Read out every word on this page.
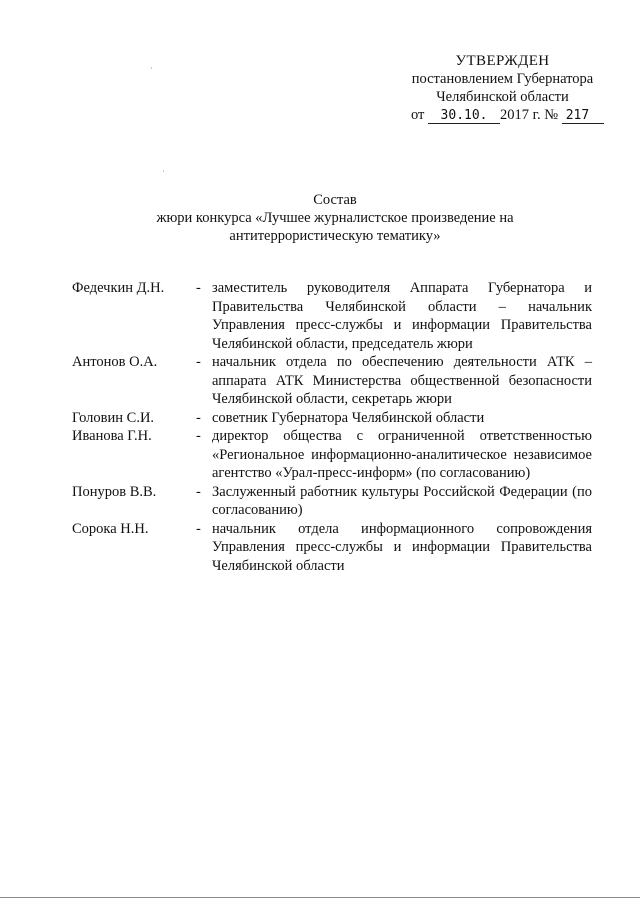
УТВЕРЖДЕН
постановлением Губернатора
Челябинской области
от 30.10. 2017 г. № 217
·
·
Состав
жюри конкурса «Лучшее журналистское произведение на
антитеррористическую тематику»
Федечкин Д.Н.	- заместитель руководителя Аппарата Губернатора и Правительства Челябинской области – начальник Управления пресс-службы и информации Правительства Челябинской области, председатель жюри
Антонов О.А.	- начальник отдела по обеспечению деятельности АТК – аппарата АТК Министерства общественной безопасности Челябинской области, секретарь жюри
Головин С.И.	- советник Губернатора Челябинской области
Иванова Г.Н.	- директор общества с ограниченной ответственностью «Региональное информационно-аналитическое независимое агентство «Урал-пресс-информ» (по согласованию)
Понуров В.В.	- Заслуженный работник культуры Российской Федерации (по согласованию)
Сорока Н.Н.	- начальник отдела информационного сопровождения Управления пресс-службы и информации Правительства Челябинской области
